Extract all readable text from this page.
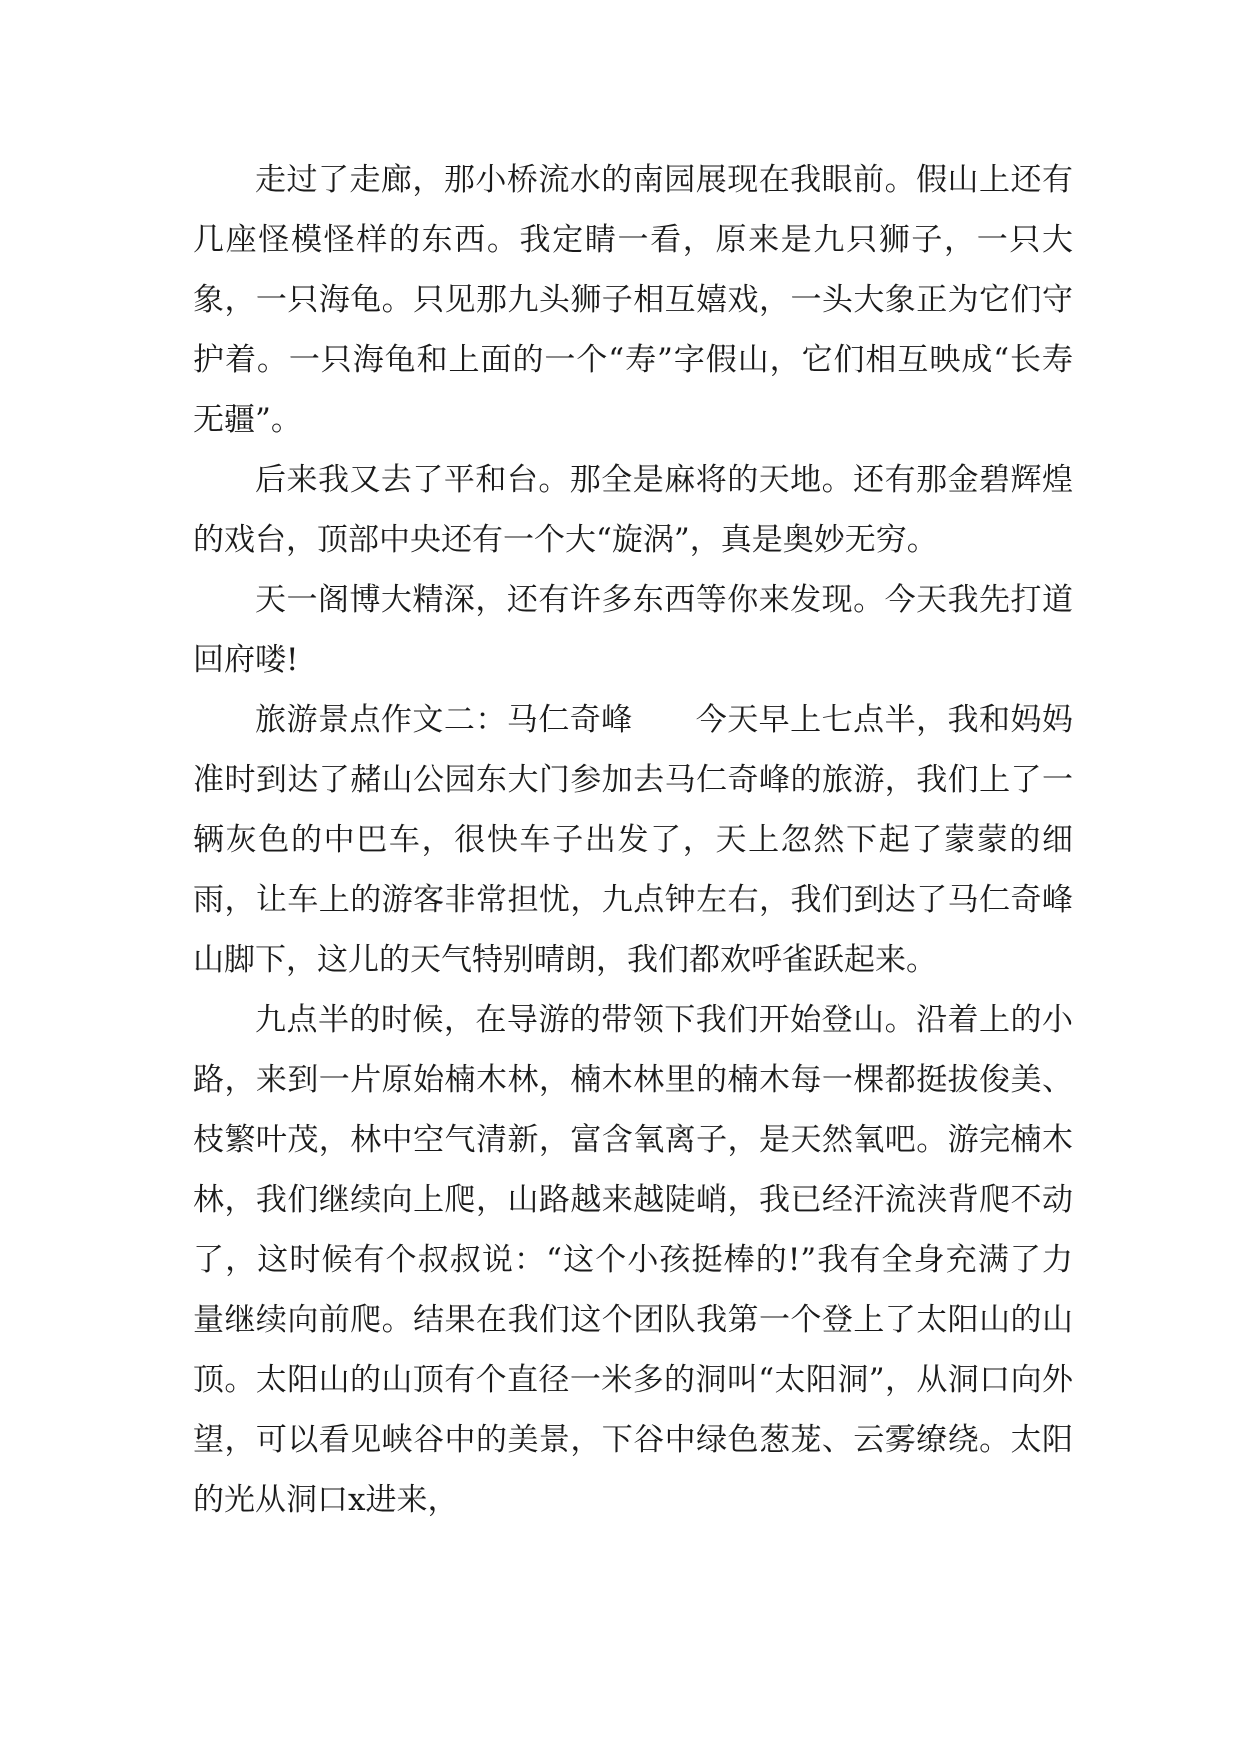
走过了走廊，那小桥流水的南园展现在我眼前。假山上还有几座怪模怪样的东西。我定睛一看，原来是九只狮子，一只大象，一只海龟。只见那九头狮子相互嬉戏，一头大象正为它们守护着。一只海龟和上面的一个“寿”字假山，它们相互映成“长寿无疆”。

后来我又去了平和台。那全是麻将的天地。还有那金碧辉煌的戏台，顶部中央还有一个大“旋涡”，真是奥妙无穷。

天一阁博大精深，还有许多东西等你来发现。今天我先打道回府喽!

旅游景点作文二：马仁奇峰　　今天早上七点半，我和妈妈准时到达了赭山公园东大门参加去马仁奇峰的旅游，我们上了一辆灰色的中巴车，很快车子出发了，天上忽然下起了蒙蒙的细雨，让车上的游客非常担忧，九点钟左右，我们到达了马仁奇峰山脚下，这儿的天气特别晴朗，我们都欢呼雀跃起来。

九点半的时候，在导游的带领下我们开始登山。沿着上的小路，来到一片原始楠木林，楠木林里的楠木每一棵都挺拔俊美、枝繁叶茂，林中空气清新，富含氧离子，是天然氧吧。游完楠木林，我们继续向上爬，山路越来越陡峭，我已经汗流浃背爬不动了，这时候有个叔叔说：“这个小孩挺棒的!”我有全身充满了力量继续向前爬。结果在我们这个团队我第一个登上了太阳山的山顶。太阳山的山顶有个直径一米多的洞叫“太阳洞”，从洞口向外望，可以看见峡谷中的美景，下谷中绿色葱茏、云雾缭绕。太阳的光从洞口x进来，
